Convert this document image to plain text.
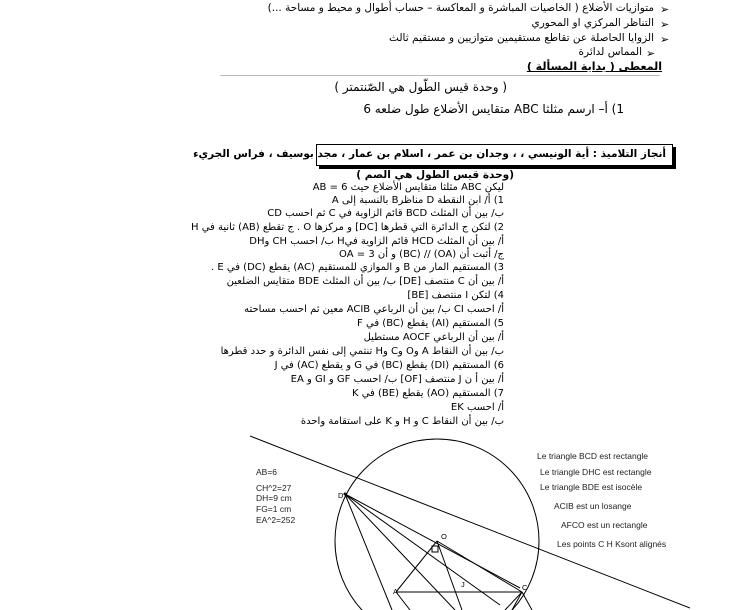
متوازيات الأضلاع ( الخاصيات المباشرة و المعاكسة – حساب أطوال و محيط و مساحة ...) ➢
التناظر المركزي او المحوري ➢
الزوايا الحاصلة عن تقاطع مستقيمين متوازيين و مستقيم ثالث ➢
المماس لدائرة ➢
المعطى ( بداية المسألة )
( وحدة قيس الطّول هي الصّنتمتر )
1) أ– ارسم مثلثا ABC متقايس الأضلاع طول ضلعه 6
أنجاز التلاميذ : أية الونيسي ، ، وجدان بن عمر ، اسلام بن عمار ، مجد بوسيف ، فراس الجريء
(وحدة قيس الطول هي الصم )
ليكن ABC مثلثا متقايس الأضلاع حيث AB = 6
1) أ/ ابن النقطة D مناظرB بالنسبة إلى A
ب/ بين أن المثلث BCD قائم الزاوية في C ثم احسب CD
2) لتكن ج الدائرة التي قطرها [DC] و مركزها O . ج تقطع (AB) ثانية في H
أ/ بين أن المثلث HCD قائم الزاوية فيH ب/ احسب CH وDH
ج/ أثبت أن (OA) // (BC) و أن OA = 3
3) المستقيم المار من B و الموازي للمستقيم (AC) يقطع (DC) في E .
أ/ بين أن C منتصف [DE] ب/ بين أن المثلث BDE متقايس الضلعين
4) لتكن I منتصف [BE]
أ/ احسب CI ب/ بين أن الرباعي ACIB معين ثم احسب مساحته
5) المستقيم (AI) يقطع (BC) في F
أ/ بين أن الرباعي AOCF مستطيل
ب/ بين أن النقاط A وO وC وH تنتمي إلى نفس الدائرة و حدد قطرها
6) المستقيم (DI) يقطع (BC) في G و يقطع (AC) في J
أ/ بين أ ن J منتصف [OF] ب/ احسب GF و GI و EA
7) المستقيم (AO) يقطع (BE) في K
أ/ احسب EK
ب/ بين أن النقاط C و H و K على استقامة واحدة
D
O
J
A	C
AB=6
CH^2=27
DH=9 cm
FG=1 cm
EA^2=252
Le triangle BCD est rectangle
Le triangle DHC est rectangle
Le triangle BDE est isocèle
ACIB est un losange
AFCO est un rectangle
Les points C H Ksont alignés
